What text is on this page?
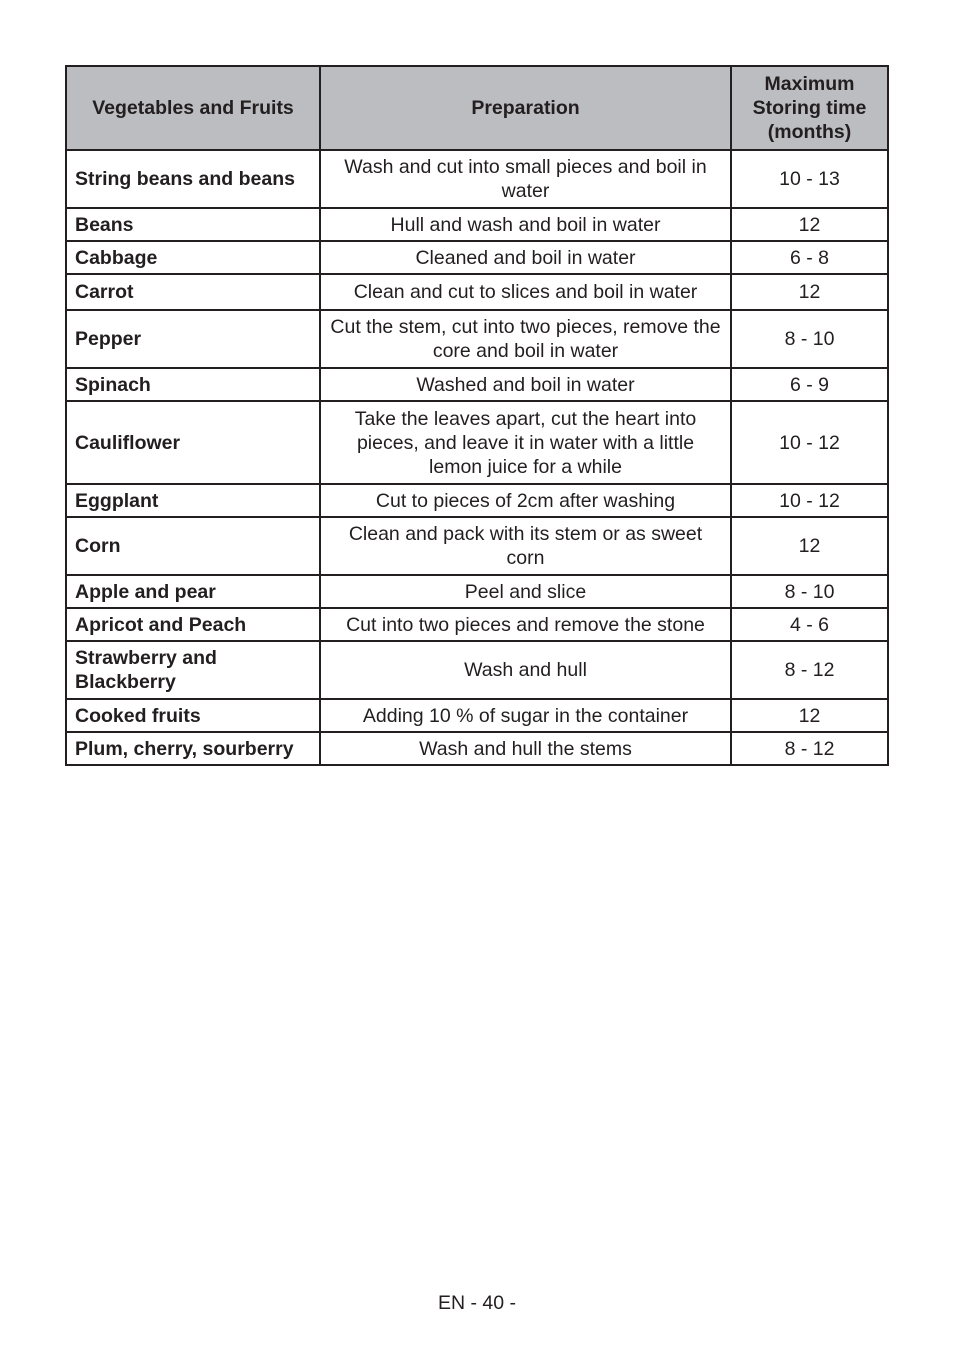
Vegetables and Fruits	Preparation	Maximum Storing time (months)
String beans and beans	Wash and cut into small pieces and boil in water	10 - 13
Beans	Hull and wash and boil in water	12
Cabbage	Cleaned and boil in water	6 - 8
Carrot	Clean and cut to slices and boil in water	12
Pepper	Cut the stem, cut into two pieces, remove the core and boil in water	8 - 10
Spinach	Washed and boil in water	6 - 9
Cauliflower	Take the leaves apart, cut the heart into pieces, and leave it in water with a little lemon juice for a while	10 - 12
Eggplant	Cut to pieces of 2cm after washing	10 - 12
Corn	Clean and pack with its stem or as sweet corn	12
Apple and pear	Peel and slice	8 - 10
Apricot and Peach	Cut into two pieces and remove the stone	4 - 6
Strawberry and Blackberry	Wash and hull	8 - 12
Cooked fruits	Adding 10 % of sugar in the container	12
Plum, cherry, sourberry	Wash and hull the stems	8 - 12
EN - 40 -
